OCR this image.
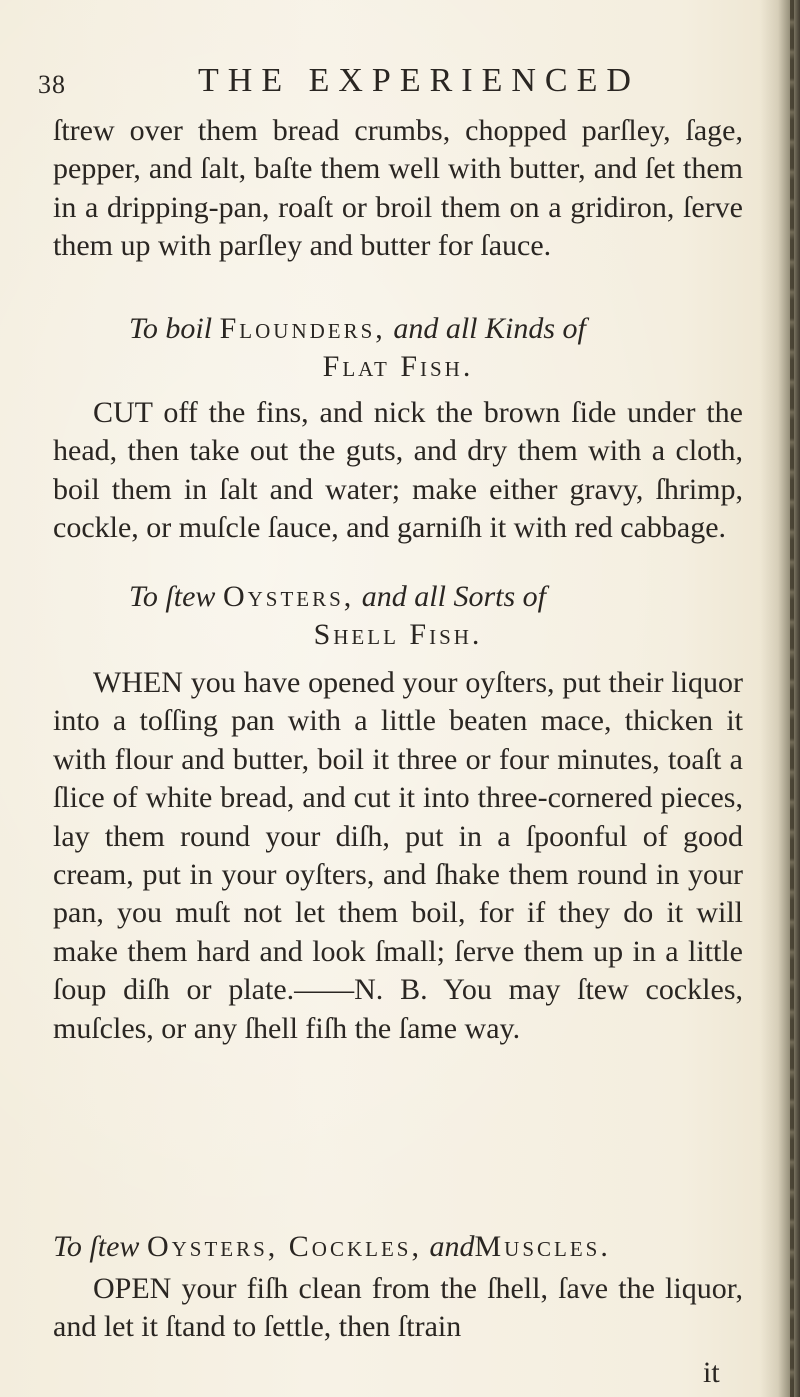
38	THE EXPERIENCED

ſtrew over them bread crumbs, chopped parſley, ſage, pepper, and ſalt, baſte them well with butter, and ſet them in a dripping-pan, roaſt or broil them on a gridiron, ſerve them up with parſley and butter for ſauce.

To boil Flounders, and all Kinds of
Flat Fish.

CUT off the fins, and nick the brown ſide under the head, then take out the guts, and dry them with a cloth, boil them in ſalt and water; make either gravy, ſhrimp, cockle, or muſcle ſauce, and garniſh it with red cabbage.

To ſtew Oysters, and all Sorts of
Shell Fish.

WHEN you have opened your oyſters, put their liquor into a toſſing pan with a little beaten mace, thicken it with flour and butter, boil it three or four minutes, toaſt a ſlice of white bread, and cut it into three-cornered pieces, lay them round your diſh, put in a ſpoonful of good cream, put in your oyſters, and ſhake them round in your pan, you muſt not let them boil, for if they do it will make them hard and look ſmall; ſerve them up in a little ſoup diſh or plate.——N. B. You may ſtew cockles, muſcles, or any ſhell fiſh the ſame way.

To ſtew Oysters, Cockles, andMuscles.

OPEN your fiſh clean from the ſhell, ſave the liquor, and let it ſtand to ſettle, then ſtrain

it
